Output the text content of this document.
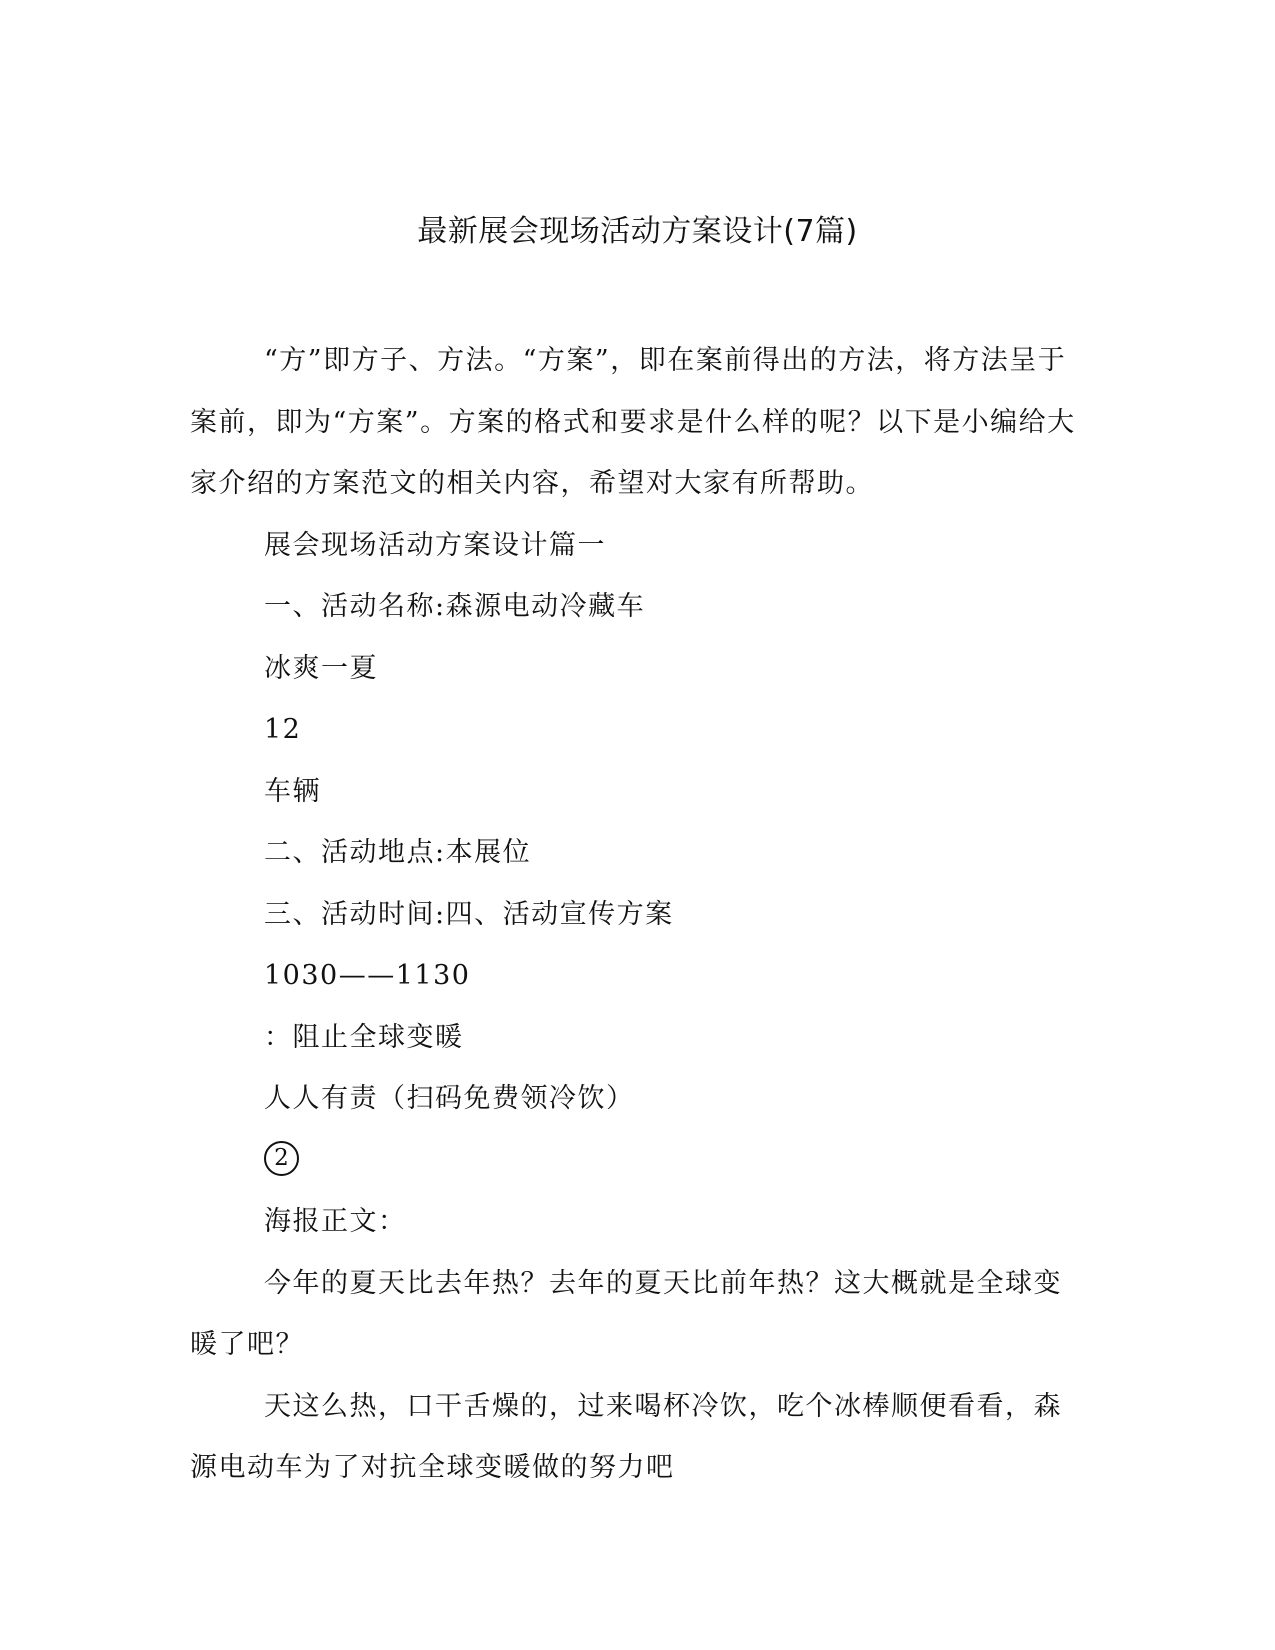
最新展会现场活动方案设计(7篇)

“方”即方子、方法。“方案”，即在案前得出的方法，将方法呈于案前，即为“方案”。方案的格式和要求是什么样的呢？以下是小编给大家介绍的方案范文的相关内容，希望对大家有所帮助。

展会现场活动方案设计篇一

一、活动名称:森源电动冷藏车

冰爽一夏

12

车辆

二、活动地点:本展位

三、活动时间:四、活动宣传方案

1030——1130

：阻止全球变暖

人人有责（扫码免费领冷饮）

2

海报正文：

今年的夏天比去年热？去年的夏天比前年热？这大概就是全球变暖了吧？

天这么热，口干舌燥的，过来喝杯冷饮，吃个冰棒顺便看看，森源电动车为了对抗全球变暖做的努力吧
